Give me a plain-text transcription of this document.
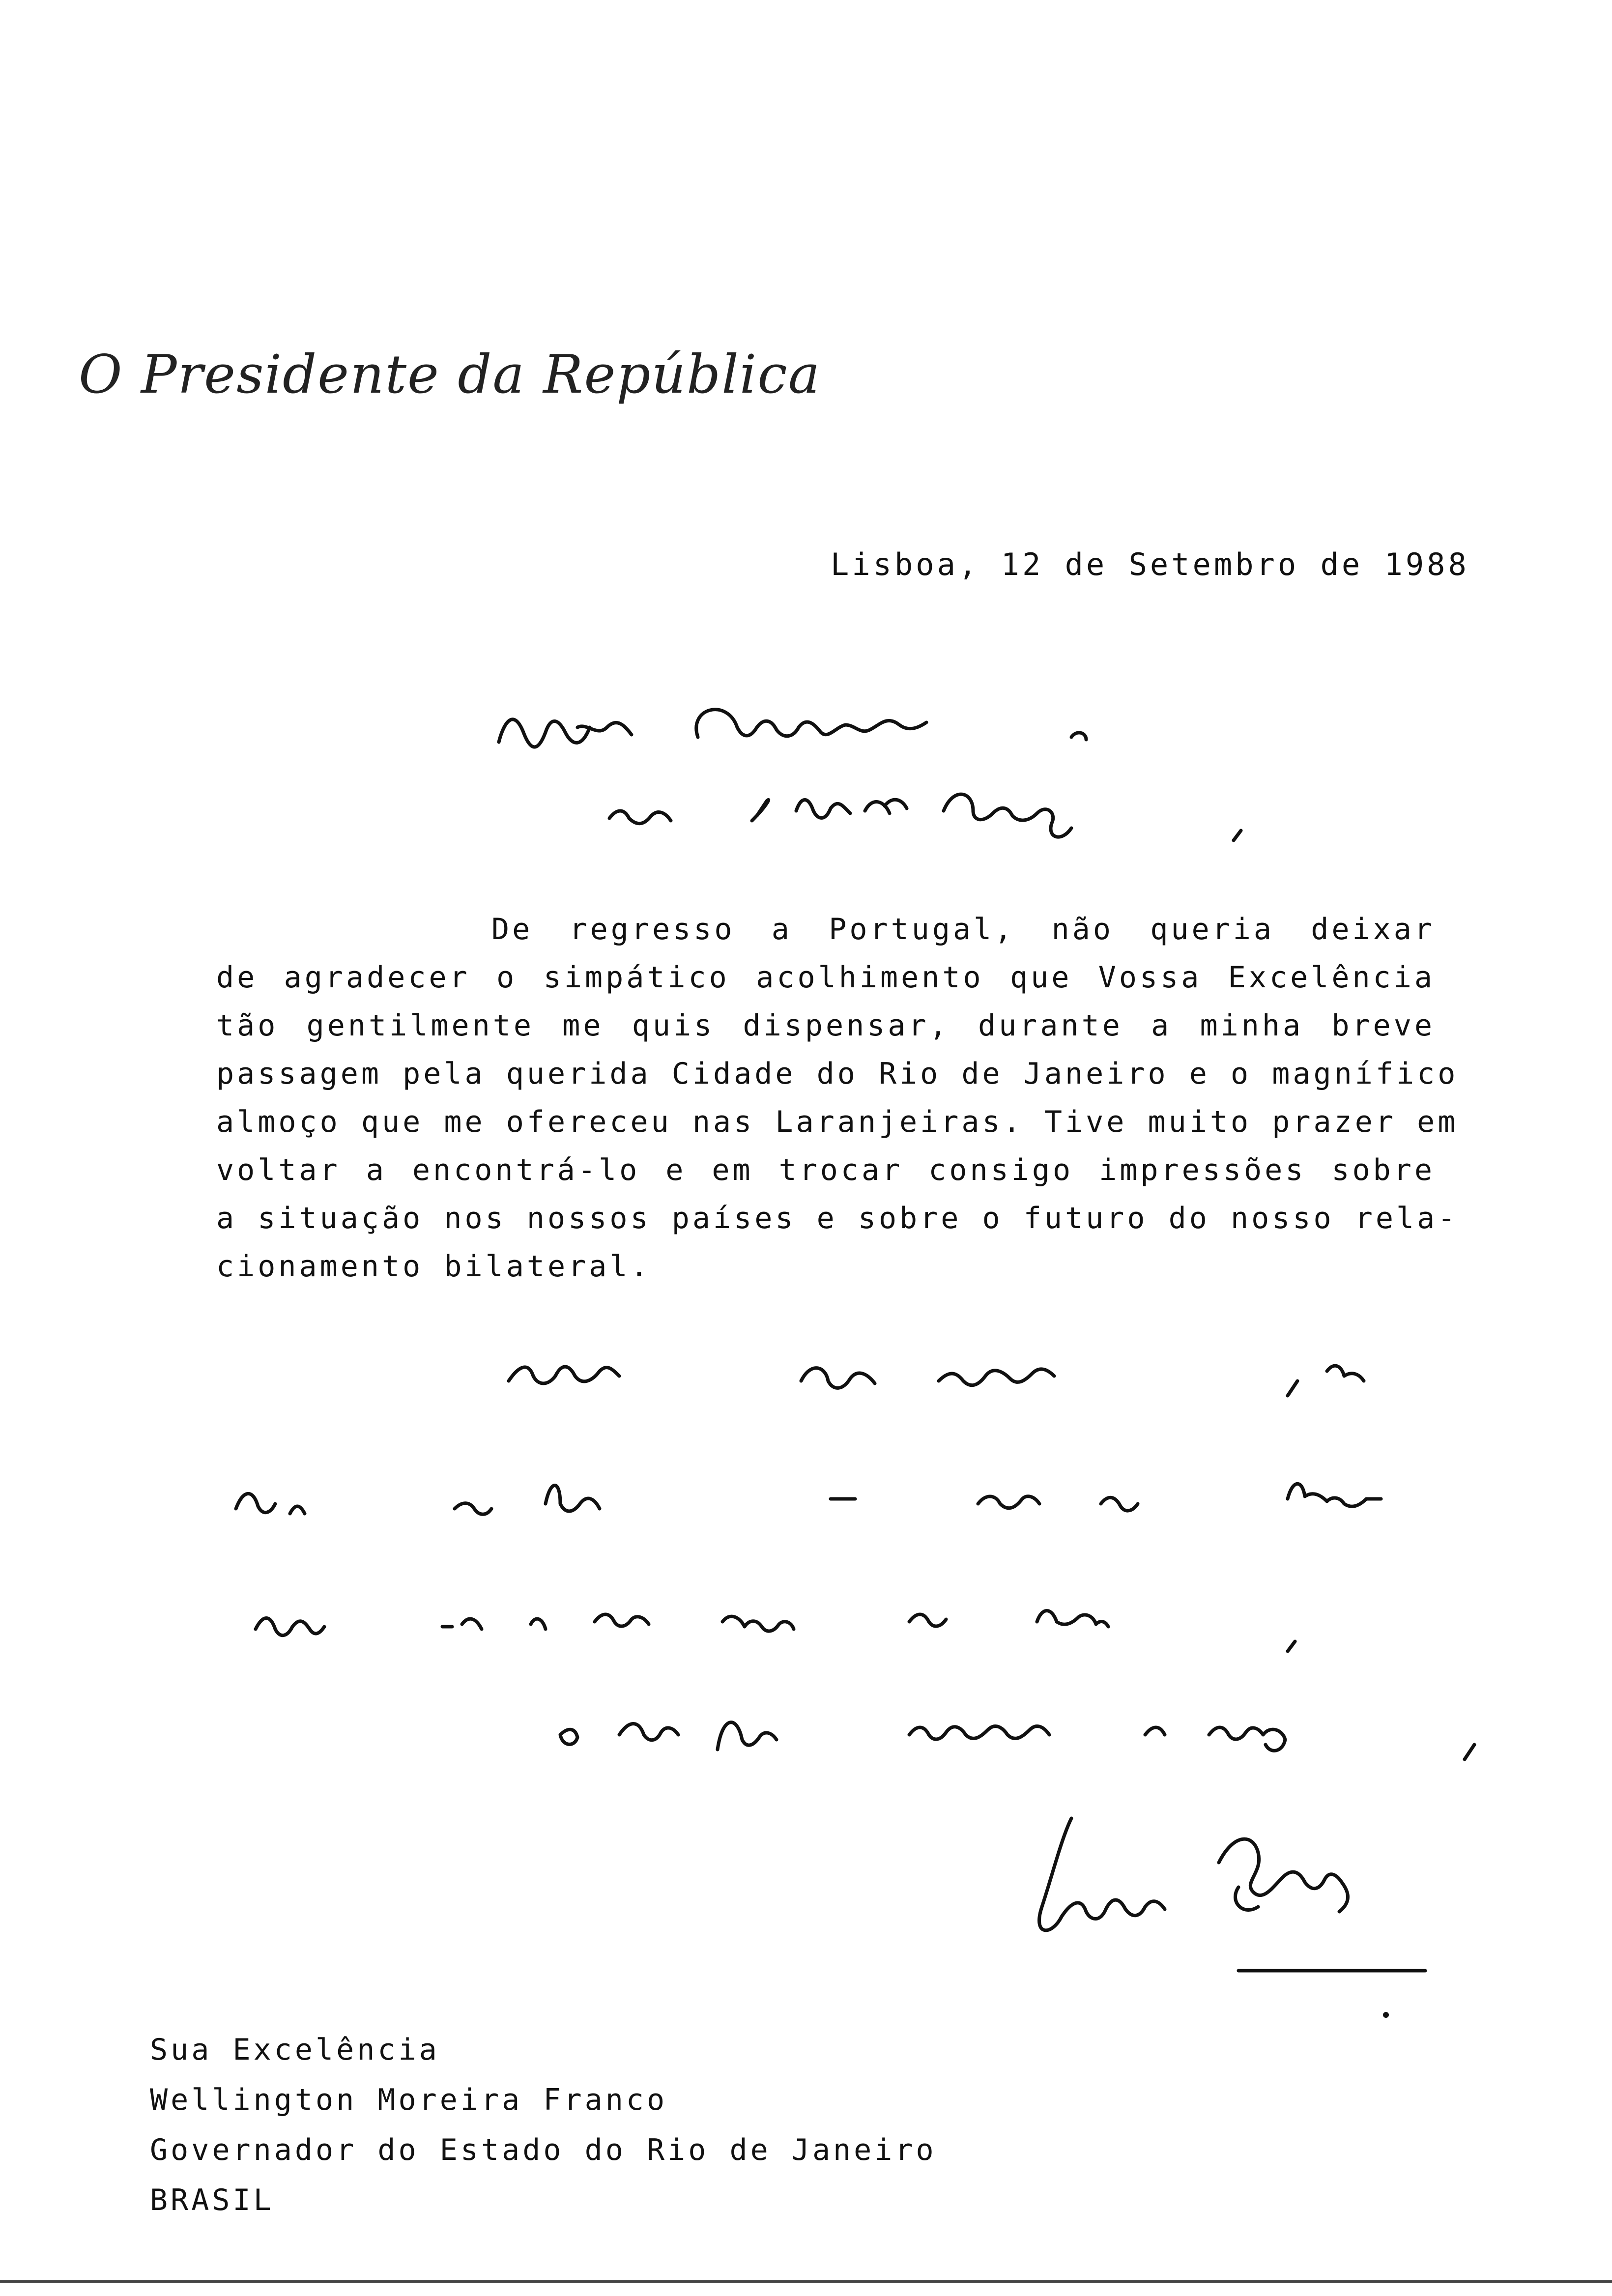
O Presidente da República
Lisboa, 12 de Setembro de 1988
De regresso a Portugal, não queria deixar
de agradecer o simpático acolhimento que Vossa Excelência
tão gentilmente me quis dispensar, durante a minha breve
passagem pela querida Cidade do Rio de Janeiro e o magnífico
almoço que me ofereceu nas Laranjeiras. Tive muito prazer em
voltar a encontrá-lo e em trocar consigo impressões sobre
a situação nos nossos países e sobre o futuro do nosso rela-
cionamento bilateral.
Sua Excelência
Wellington Moreira Franco
Governador do Estado do Rio de Janeiro
BRASIL
